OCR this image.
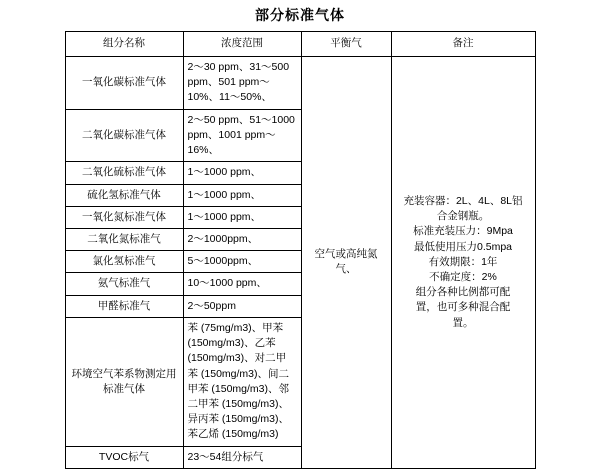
部分标准气体
组分名称	浓度范围	平衡气	备注
一氧化碳标准气体	2～30 ppm、31～500 ppm、501 ppm～10%、11～50%、	空气或高纯氮气、	
充装容器：2L、4L、8L铝
合金钢瓶。
标准充装压力：9Mpa
最低使用压力0.5mpa
有效期限：1年
不确定度：2%
组分各种比例都可配
置，也可多种混合配
置。

二氧化碳标准气体	2～50 ppm、51～1000 ppm、1001 ppm～16%、		
二氧化硫标准气体	1～1000 ppm、		
硫化氢标准气体	1～1000 ppm、		
一氧化氮标准气体	1～1000 ppm、		
二氧化氮标准气	2～1000ppm、		
氯化氢标准气	5～1000ppm、		
氨气标准气	10～1000 ppm、		
甲醛标准气	2～50ppm		
环境空气苯系物测定用标准气体	苯 (75mg/m3)、甲苯 (150mg/m3)、乙苯 (150mg/m3)、对二甲苯 (150mg/m3)、间二甲苯 (150mg/m3)、邻二甲苯 (150mg/m3)、异丙苯 (150mg/m3)、苯乙烯 (150mg/m3)		
TVOC标气	23～54组分标气		
